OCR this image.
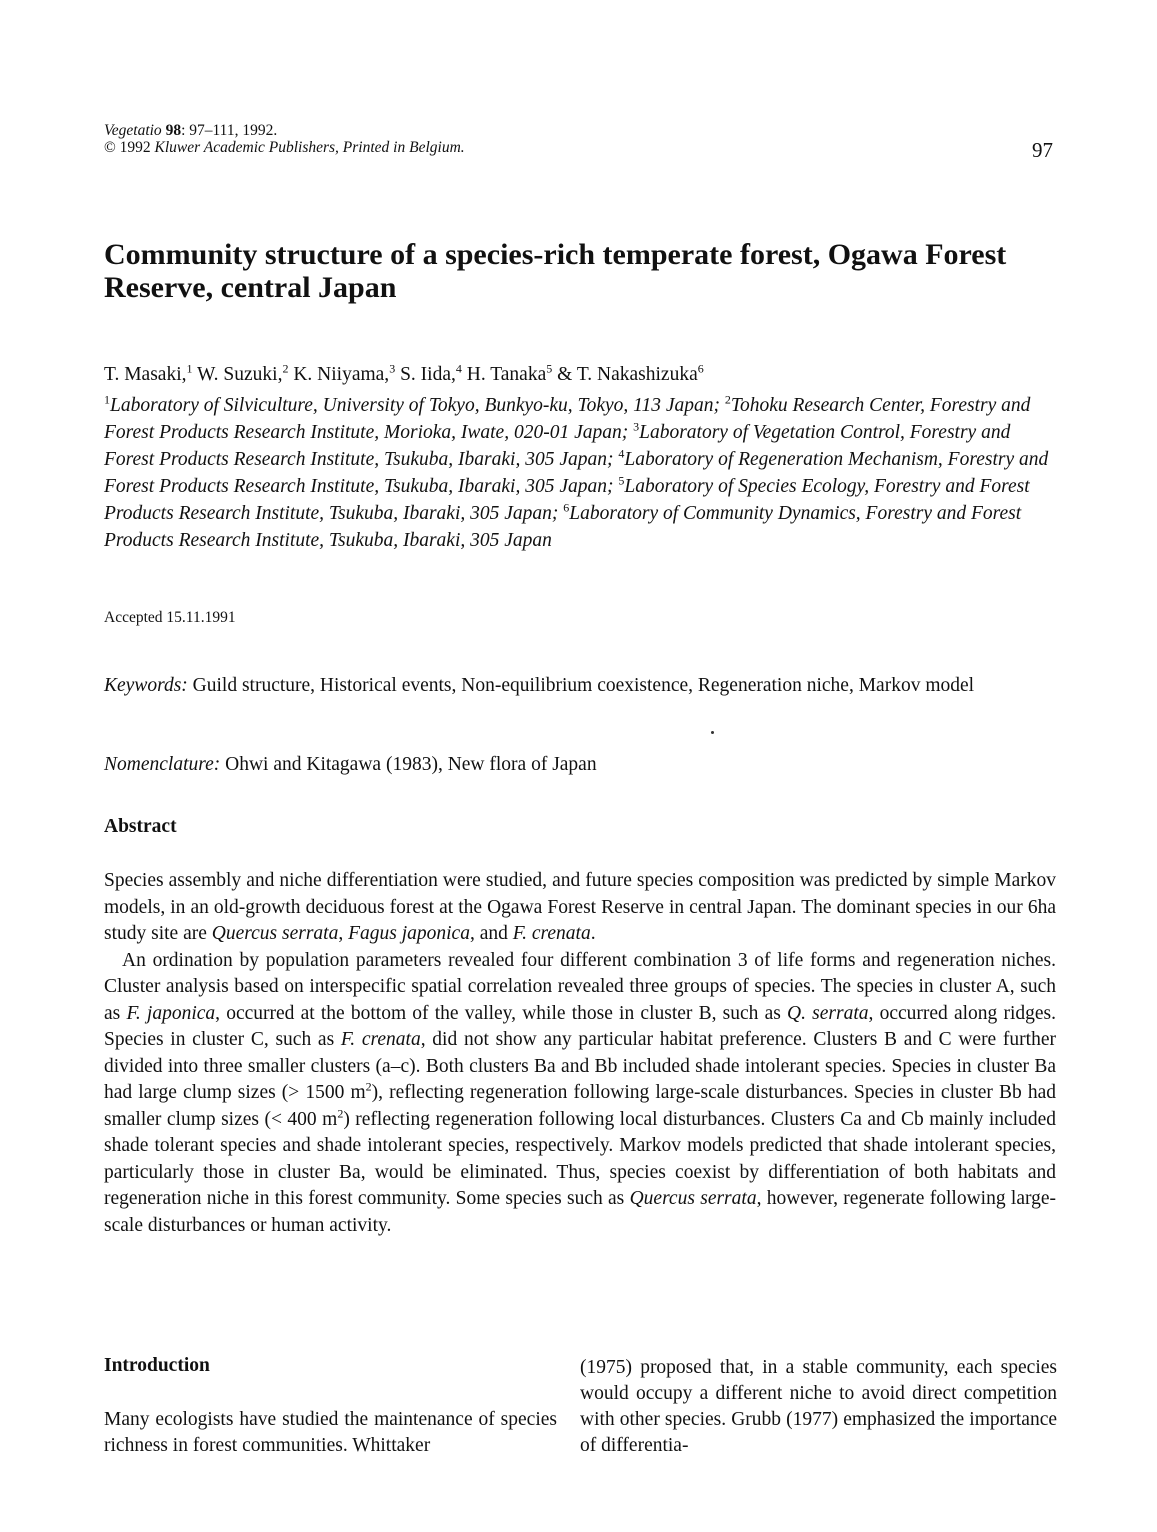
Vegetatio 98: 97–111, 1992.
© 1992 Kluwer Academic Publishers, Printed in Belgium.	97
Community structure of a species-rich temperate forest, Ogawa Forest Reserve, central Japan
T. Masaki,$^1$ W. Suzuki,$^2$ K. Niiyama,$^3$ S. Iida,$^4$ H. Tanaka$^5$ & T. Nakashizuka$^6$
$^1$Laboratory of Silviculture, University of Tokyo, Bunkyo-ku, Tokyo, 113 Japan; $^2$Tohoku Research Center, Forestry and Forest Products Research Institute, Morioka, Iwate, 020-01 Japan; $^3$Laboratory of Vegetation Control, Forestry and Forest Products Research Institute, Tsukuba, Ibaraki, 305 Japan; $^4$Laboratory of Regeneration Mechanism, Forestry and Forest Products Research Institute, Tsukuba, Ibaraki, 305 Japan; $^5$Laboratory of Species Ecology, Forestry and Forest Products Research Institute, Tsukuba, Ibaraki, 305 Japan; $^6$Laboratory of Community Dynamics, Forestry and Forest Products Research Institute, Tsukuba, Ibaraki, 305 Japan
Accepted 15.11.1991
Keywords: Guild structure, Historical events, Non-equilibrium coexistence, Regeneration niche, Markov model
Nomenclature: Ohwi and Kitagawa (1983), New flora of Japan
Abstract

Species assembly and niche differentiation were studied, and future species composition was predicted by simple Markov models, in an old-growth deciduous forest at the Ogawa Forest Reserve in central Japan. The dominant species in our 6ha study site are Quercus serrata, Fagus japonica, and F. crenata.

An ordination by population parameters revealed four different combination 3 of life forms and regeneration niches. Cluster analysis based on interspecific spatial correlation revealed three groups of species. The species in cluster A, such as F. japonica, occurred at the bottom of the valley, while those in cluster B, such as Q. serrata, occurred along ridges. Species in cluster C, such as F. crenata, did not show any particular habitat preference. Clusters B and C were further divided into three smaller clusters (a–c). Both clusters Ba and Bb included shade intolerant species. Species in cluster Ba had large clump sizes (> 1500 $m^2$), reflecting regeneration following large-scale disturbances. Species in cluster Bb had smaller clump sizes (< 400 $m^2$) reflecting regeneration following local disturbances. Clusters Ca and Cb mainly included shade tolerant species and shade intolerant species, respectively. Markov models predicted that shade intolerant species, particularly those in cluster Ba, would be eliminated. Thus, species coexist by differentiation of both habitats and regeneration niche in this forest community. Some species such as Quercus serrata, however, regenerate following large-scale disturbances or human activity.

Introduction
Many ecologists have studied the maintenance of species richness in forest communities. Whittaker
(1975) proposed that, in a stable community, each species would occupy a different niche to avoid direct competition with other species. Grubb (1977) emphasized the importance of differentia-
